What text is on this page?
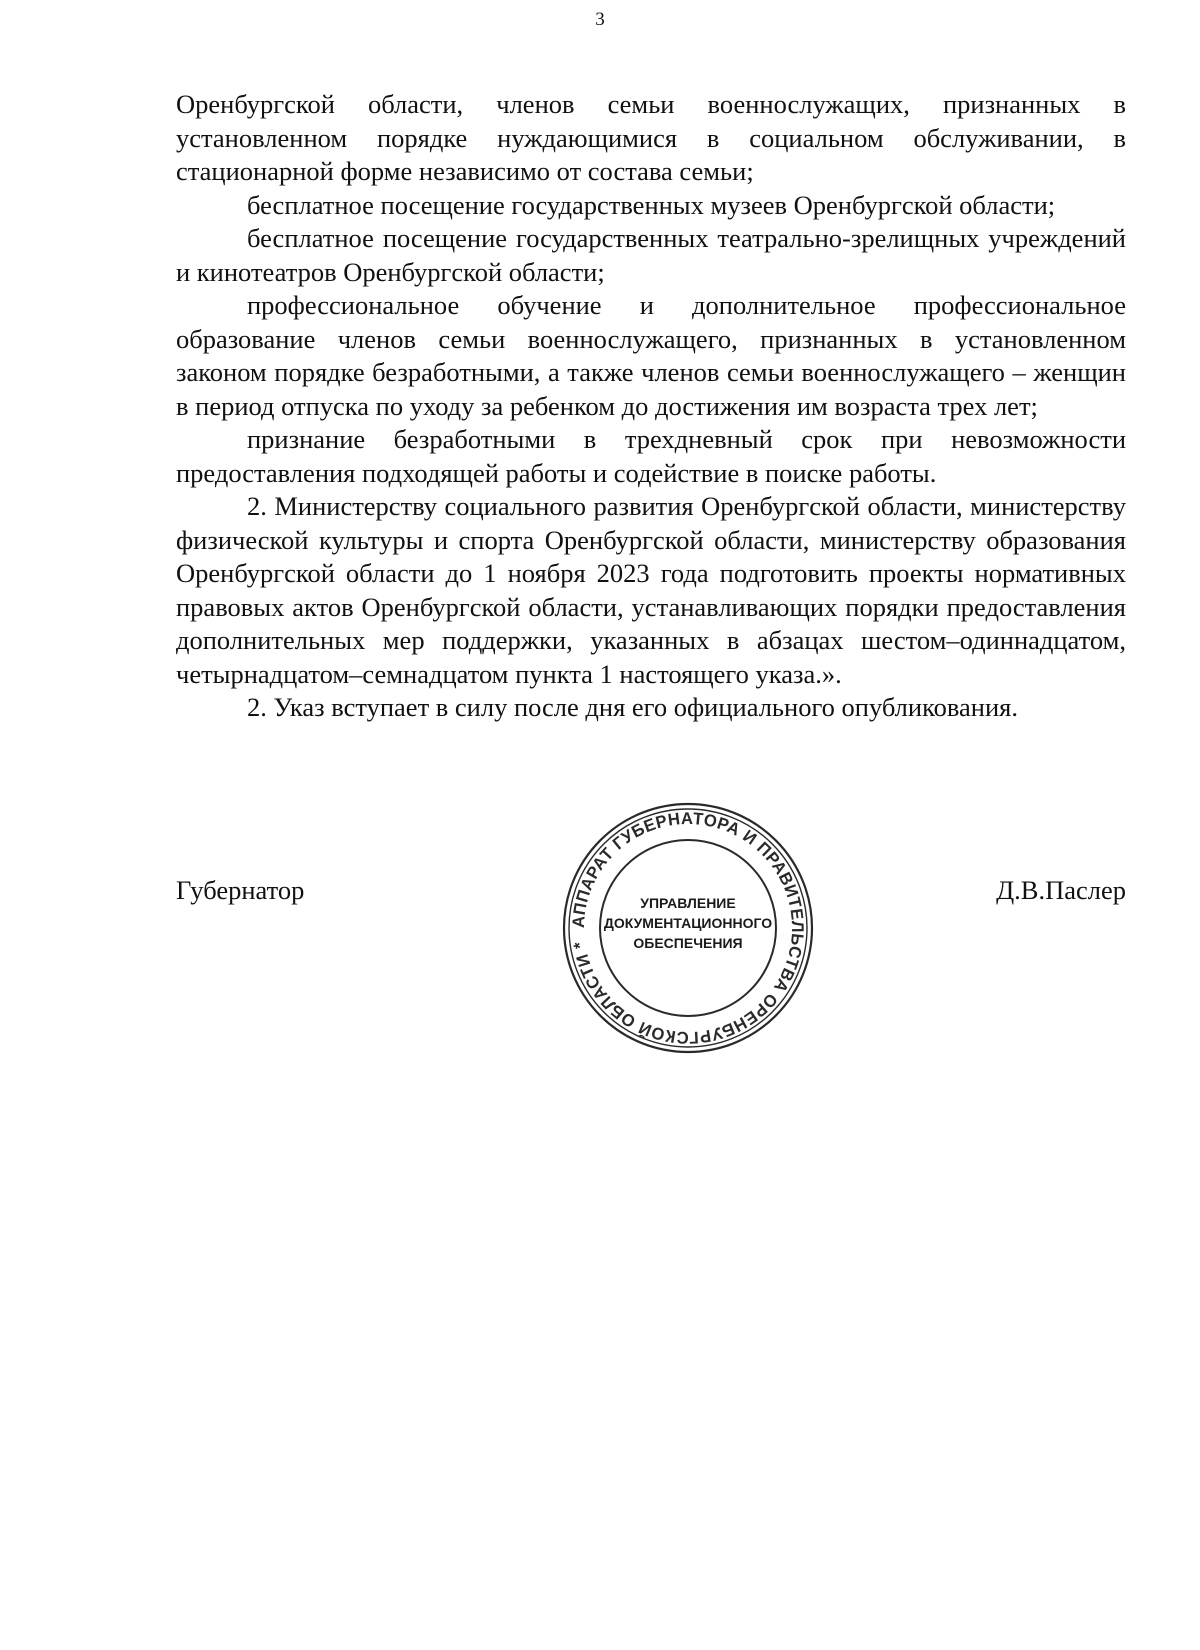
3

Оренбургской области, членов семьи военнослужащих, признанных в установленном порядке нуждающимися в социальном обслуживании, в стационарной форме независимо от состава семьи;

бесплатное посещение государственных музеев Оренбургской области;

бесплатное посещение государственных театрально-зрелищных учреждений и кинотеатров Оренбургской области;

профессиональное обучение и дополнительное профессиональное образование членов семьи военнослужащего, признанных в установленном законом порядке безработными, а также членов семьи военнослужащего – женщин в период отпуска по уходу за ребенком до достижения им возраста трех лет;

признание безработными в трехдневный срок при невозможности предоставления подходящей работы и содействие в поиске работы.

2. Министерству социального развития Оренбургской области, министерству физической культуры и спорта Оренбургской области, министерству образования Оренбургской области до 1 ноября 2023 года подготовить проекты нормативных правовых актов Оренбургской области, устанавливающих порядки предоставления дополнительных мер поддержки, указанных в абзацах шестом–одиннадцатом, четырнадцатом–семнадцатом пункта 1 настоящего указа.».

2. Указ вступает в силу после дня его официального опубликования.

Губернатор	Д.В.Паслер
АППАРАТ ГУБЕРНАТОРА И ПРАВИТЕЛЬСТВА ОРЕНБУРГСКОЙ ОБЛАСТИ *
УПРАВЛЕНИЕ
ДОКУМЕНТАЦИОННОГО
ОБЕСПЕЧЕНИЯ
